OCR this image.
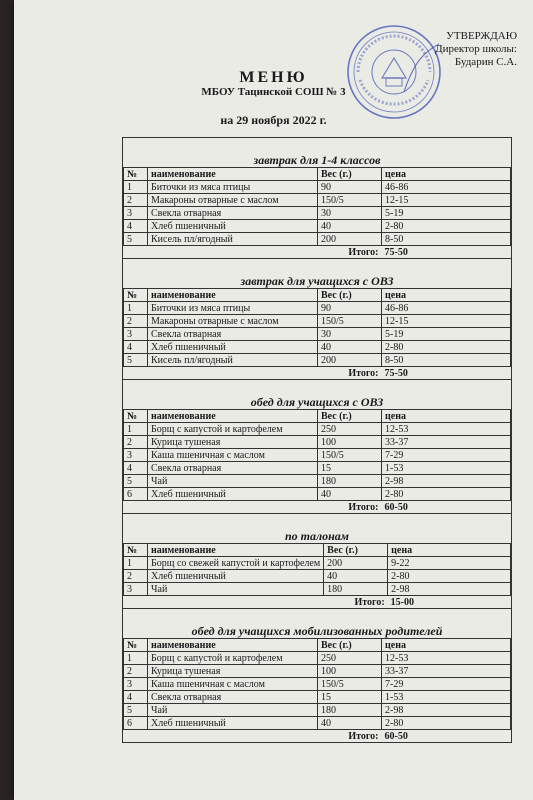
УТВЕРЖДАЮ
Директор школы:
Бударин С.А.
МЕНЮ
МБОУ Тацинской СОШ № 3
на 29 ноября 2022 г.
завтрак для 1-4 классов
№	наименование	Вес (г.)	цена
1	Биточки из мяса птицы	90	46-86
2	Макароны отварные с маслом	150/5	12-15
3	Свекла отварная	30	5-19
4	Хлеб пшеничный	40	2-80
5	Кисель пл/ягодный	200	8-50
Итого:			75-50
завтрак для учащихся с ОВЗ
№	наименование	Вес (г.)	цена
1	Биточки из мяса птицы	90	46-86
2	Макароны отварные с маслом	150/5	12-15
3	Свекла отварная	30	5-19
4	Хлеб пшеничный	40	2-80
5	Кисель пл/ягодный	200	8-50
Итого:			75-50
обед для учащихся с ОВЗ
№	наименование	Вес (г.)	цена
1	Борщ с капустой и картофелем	250	12-53
2	Курица тушеная	100	33-37
3	Каша пшеничная с маслом	150/5	7-29
4	Свекла отварная	15	1-53
5	Чай	180	2-98
6	Хлеб пшеничный	40	2-80
Итого:			60-50
по талонам
№	наименование	Вес (г.)	цена
1	Борщ со свежей капустой и картофелем	200	9-22
2	Хлеб пшеничный	40	2-80
3	Чай	180	2-98
Итого:			15-00
обед для учащихся мобилизованных родителей
№	наименование	Вес (г.)	цена
1	Борщ с капустой и картофелем	250	12-53
2	Курица тушеная	100	33-37
3	Каша пшеничная с маслом	150/5	7-29
4	Свекла отварная	15	1-53
5	Чай	180	2-98
6	Хлеб пшеничный	40	2-80
Итого:			60-50
